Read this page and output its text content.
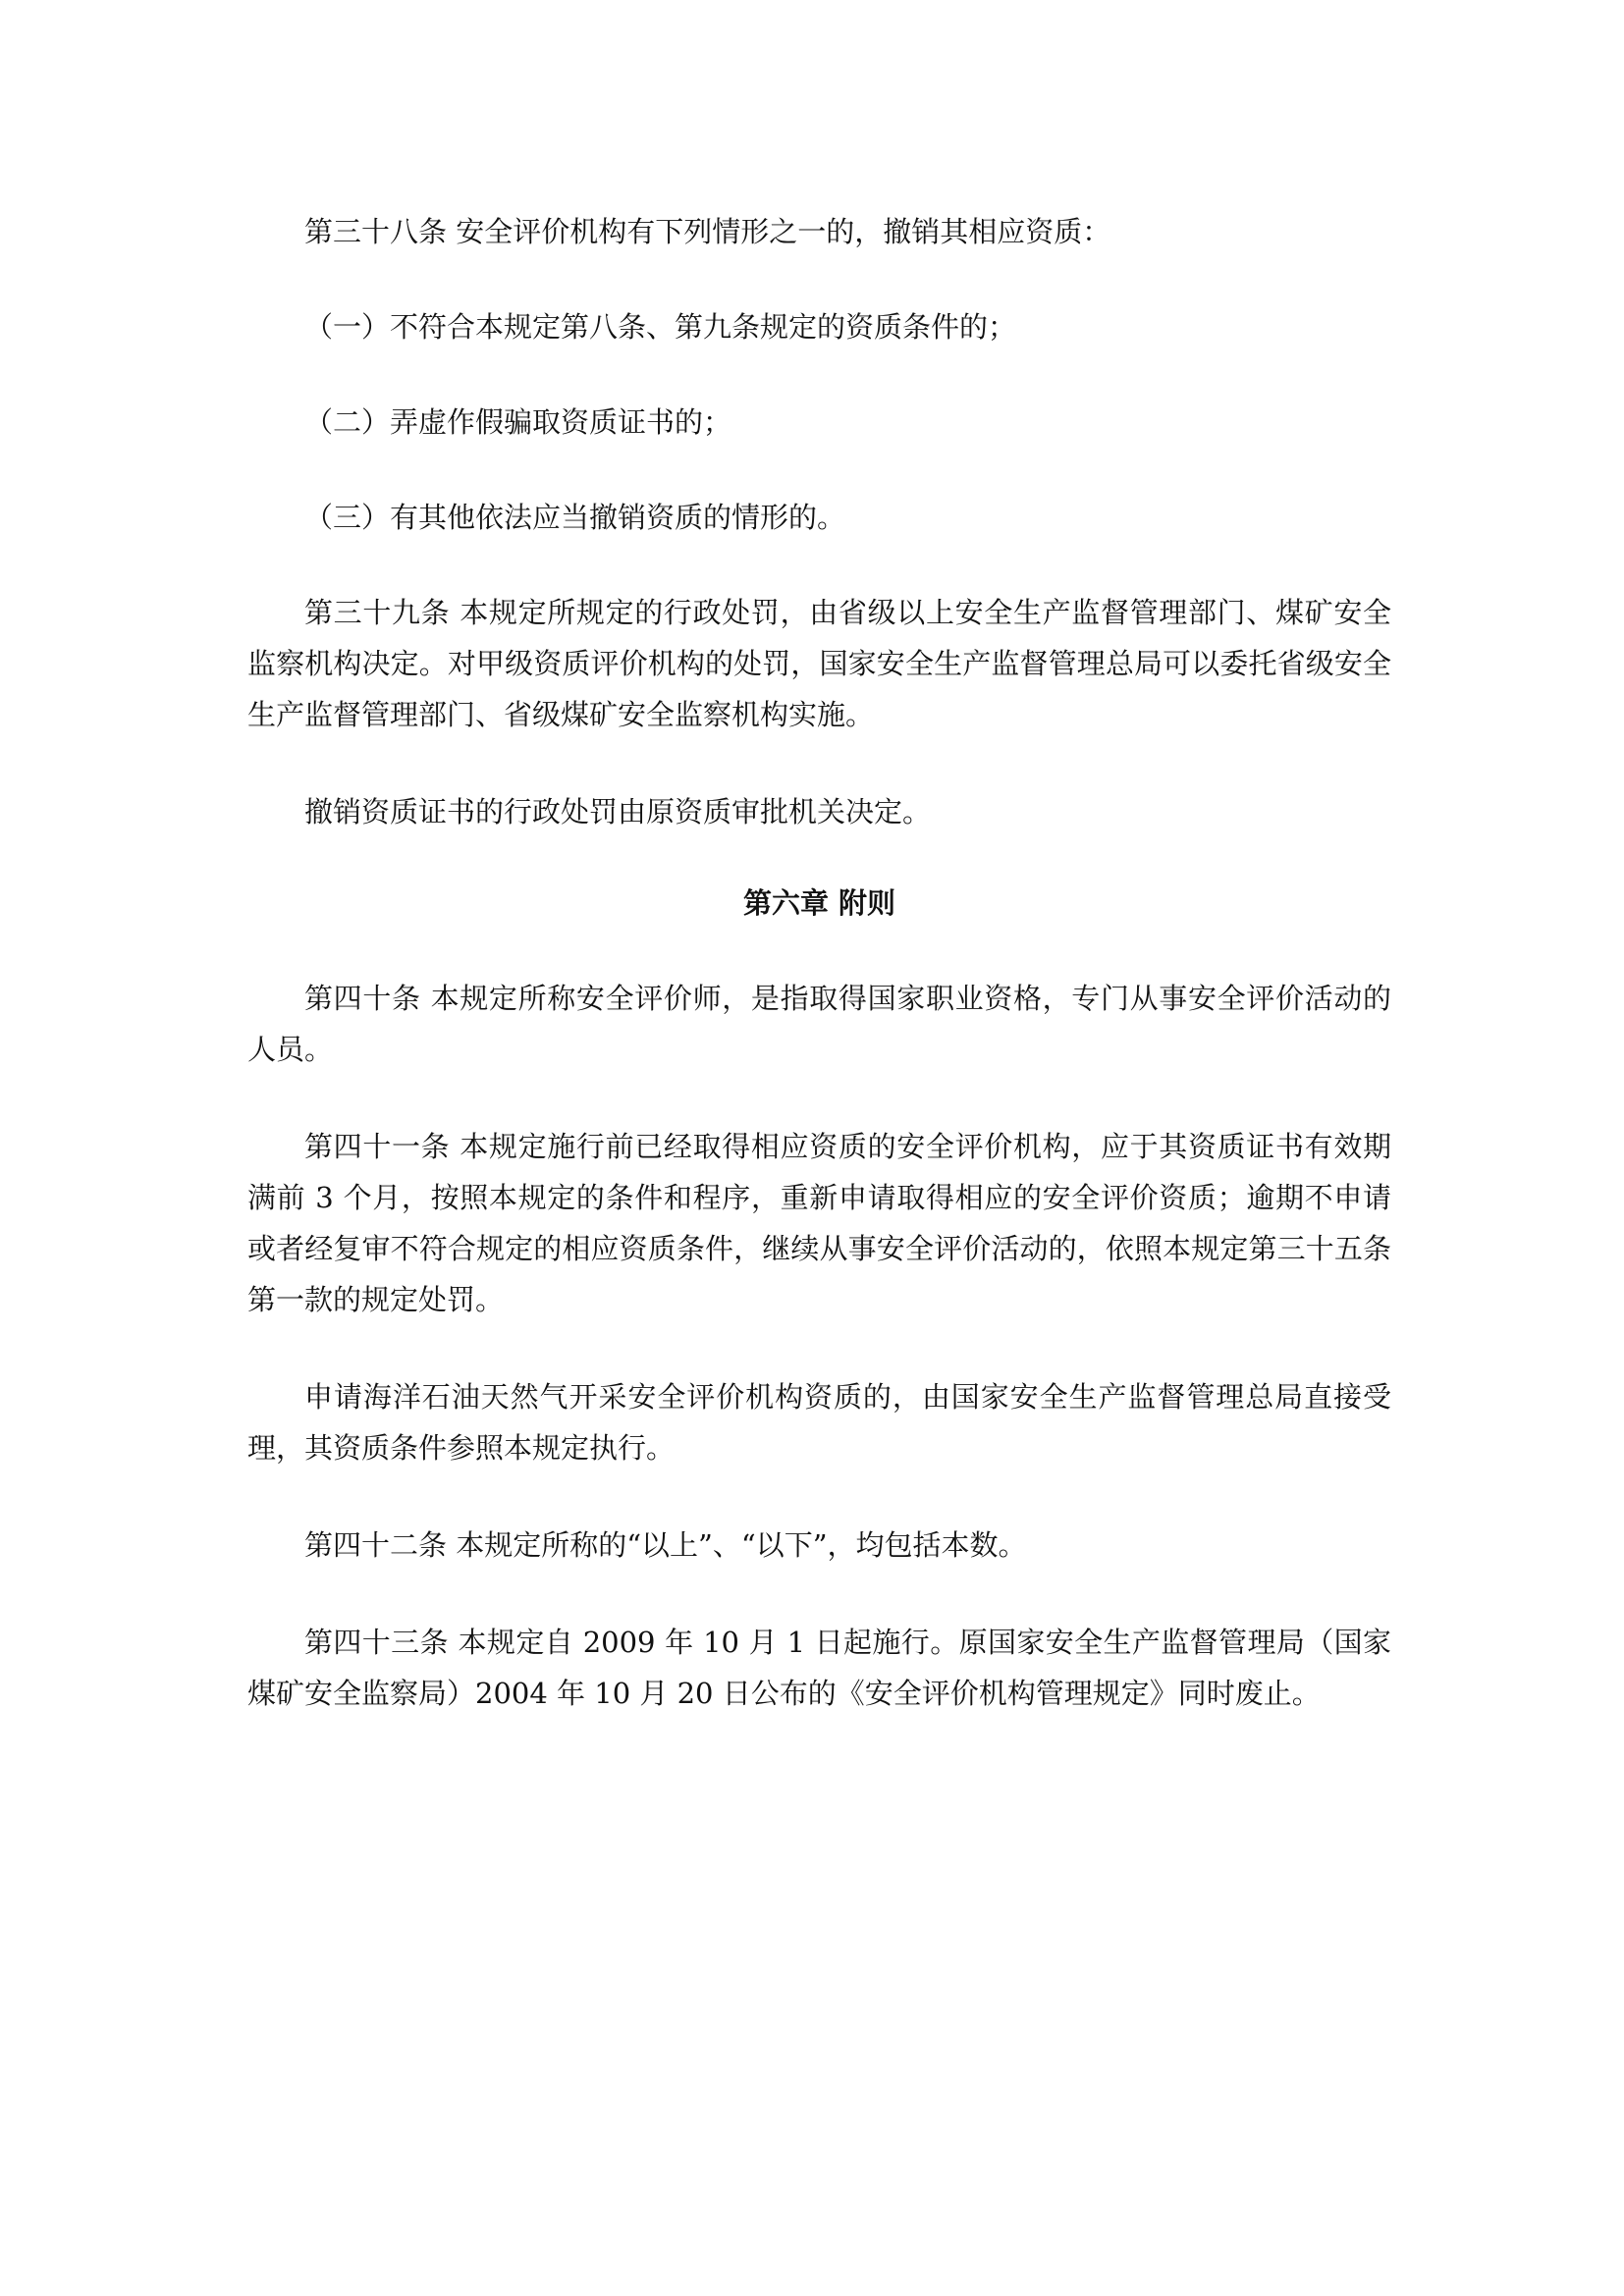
第三十八条 安全评价机构有下列情形之一的，撤销其相应资质：

（一）不符合本规定第八条、第九条规定的资质条件的；

（二）弄虚作假骗取资质证书的；

（三）有其他依法应当撤销资质的情形的。

第三十九条 本规定所规定的行政处罚，由省级以上安全生产监督管理部门、煤矿安全监察机构决定。对甲级资质评价机构的处罚，国家安全生产监督管理总局可以委托省级安全生产监督管理部门、省级煤矿安全监察机构实施。

撤销资质证书的行政处罚由原资质审批机关决定。

第六章 附则

第四十条 本规定所称安全评价师，是指取得国家职业资格，专门从事安全评价活动的人员。

第四十一条 本规定施行前已经取得相应资质的安全评价机构，应于其资质证书有效期满前 3 个月，按照本规定的条件和程序，重新申请取得相应的安全评价资质；逾期不申请或者经复审不符合规定的相应资质条件，继续从事安全评价活动的，依照本规定第三十五条第一款的规定处罚。

申请海洋石油天然气开采安全评价机构资质的，由国家安全生产监督管理总局直接受理，其资质条件参照本规定执行。

第四十二条 本规定所称的“以上”、“以下”，均包括本数。

第四十三条 本规定自 2009 年 10 月 1 日起施行。原国家安全生产监督管理局（国家煤矿安全监察局）2004 年 10 月 20 日公布的《安全评价机构管理规定》同时废止。
